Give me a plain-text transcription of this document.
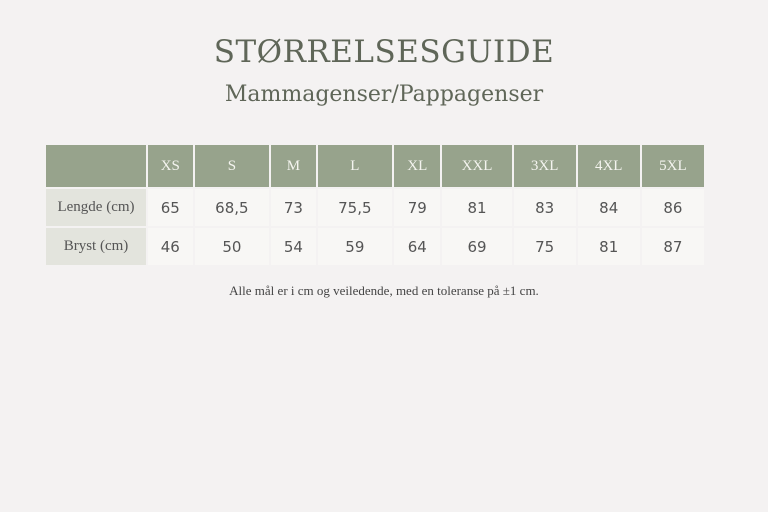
STØRRELSESGUIDE
Mammagenser/Pappagenser
	XS	S	M	L	XL	XXL	3XL	4XL	5XL
Lengde (cm)	65	68,5	73	75,5	79	81	83	84	86
Bryst (cm)	46	50	54	59	64	69	75	81	87
Alle mål er i cm og veiledende, med en toleranse på ±1 cm.
